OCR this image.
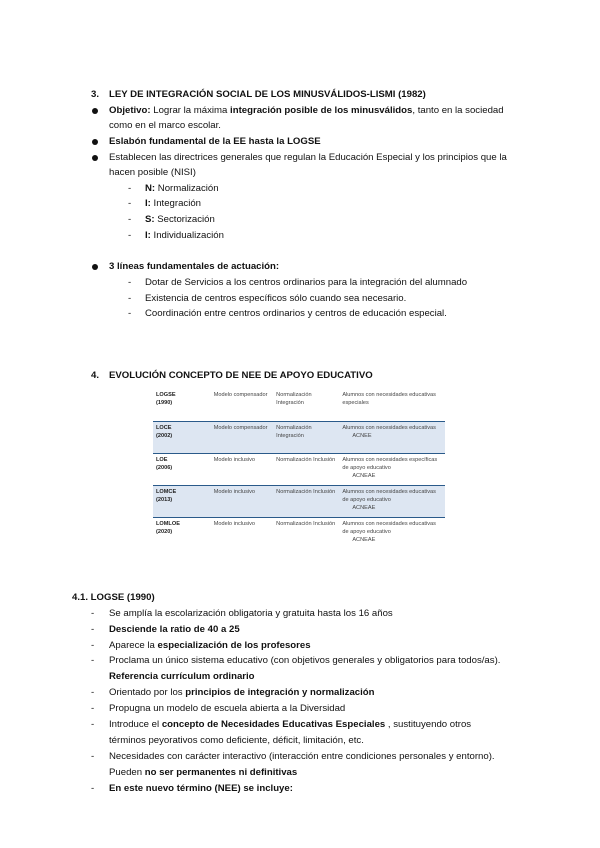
3. LEY DE INTEGRACIÓN SOCIAL DE LOS MINUSVÁLIDOS-LISMI (1982)
Objetivo: Lograr la máxima integración posible de los minusválidos, tanto en la sociedad
como en el marco escolar.
Eslabón fundamental de la EE hasta la LOGSE
Establecen las directrices generales que regulan la Educación Especial y los principios que la
hacen posible (NISI)
- N: Normalización
- I: Integración
- S: Sectorización
- I: Individualización
3 líneas fundamentales de actuación:
- Dotar de Servicios a los centros ordinarios para la integración del alumnado
- Existencia de centros específicos sólo cuando sea necesario.
- Coordinación entre centros ordinarios y centros de educación especial.
4. EVOLUCIÓN CONCEPTO DE NEE DE APOYO EDUCATIVO
LOGSE
(1990)	Modelo compensador	Normalización Integración	Alumnos con necesidades educativas especiales
LOCE
(2002)	Modelo compensador	Normalización Integración	Alumnos con necesidades educativas
ACNEE

LOE
(2006)	Modelo inclusivo	Normalización Inclusión	Alumnos con necesidades específicas de apoyo educativo
ACNEAE

LOMCE
(2013)	Modelo inclusivo	Normalización Inclusión	Alumnos con necesidades educativas de apoyo educativo
ACNEAE

LOMLOE
(2020)	Modelo inclusivo	Normalización Inclusión	Alumnos con necesidades educativas de apoyo educativo
ACNEAE
4.1. LOGSE (1990)
- Se amplía la escolarización obligatoria y gratuita hasta los 16 años
- Desciende la ratio de 40 a 25
- Aparece la especialización de los profesores
- Proclama un único sistema educativo (con objetivos generales y obligatorios para todos/as).
Referencia currículum ordinario
- Orientado por los principios de integración y normalización
- Propugna un modelo de escuela abierta a la Diversidad
- Introduce el concepto de Necesidades Educativas Especiales , sustituyendo otros
términos peyorativos como deficiente, déficit, limitación, etc.
- Necesidades con carácter interactivo (interacción entre condiciones personales y entorno).
Pueden no ser permanentes ni definitivas
- En este nuevo término (NEE) se incluye:
